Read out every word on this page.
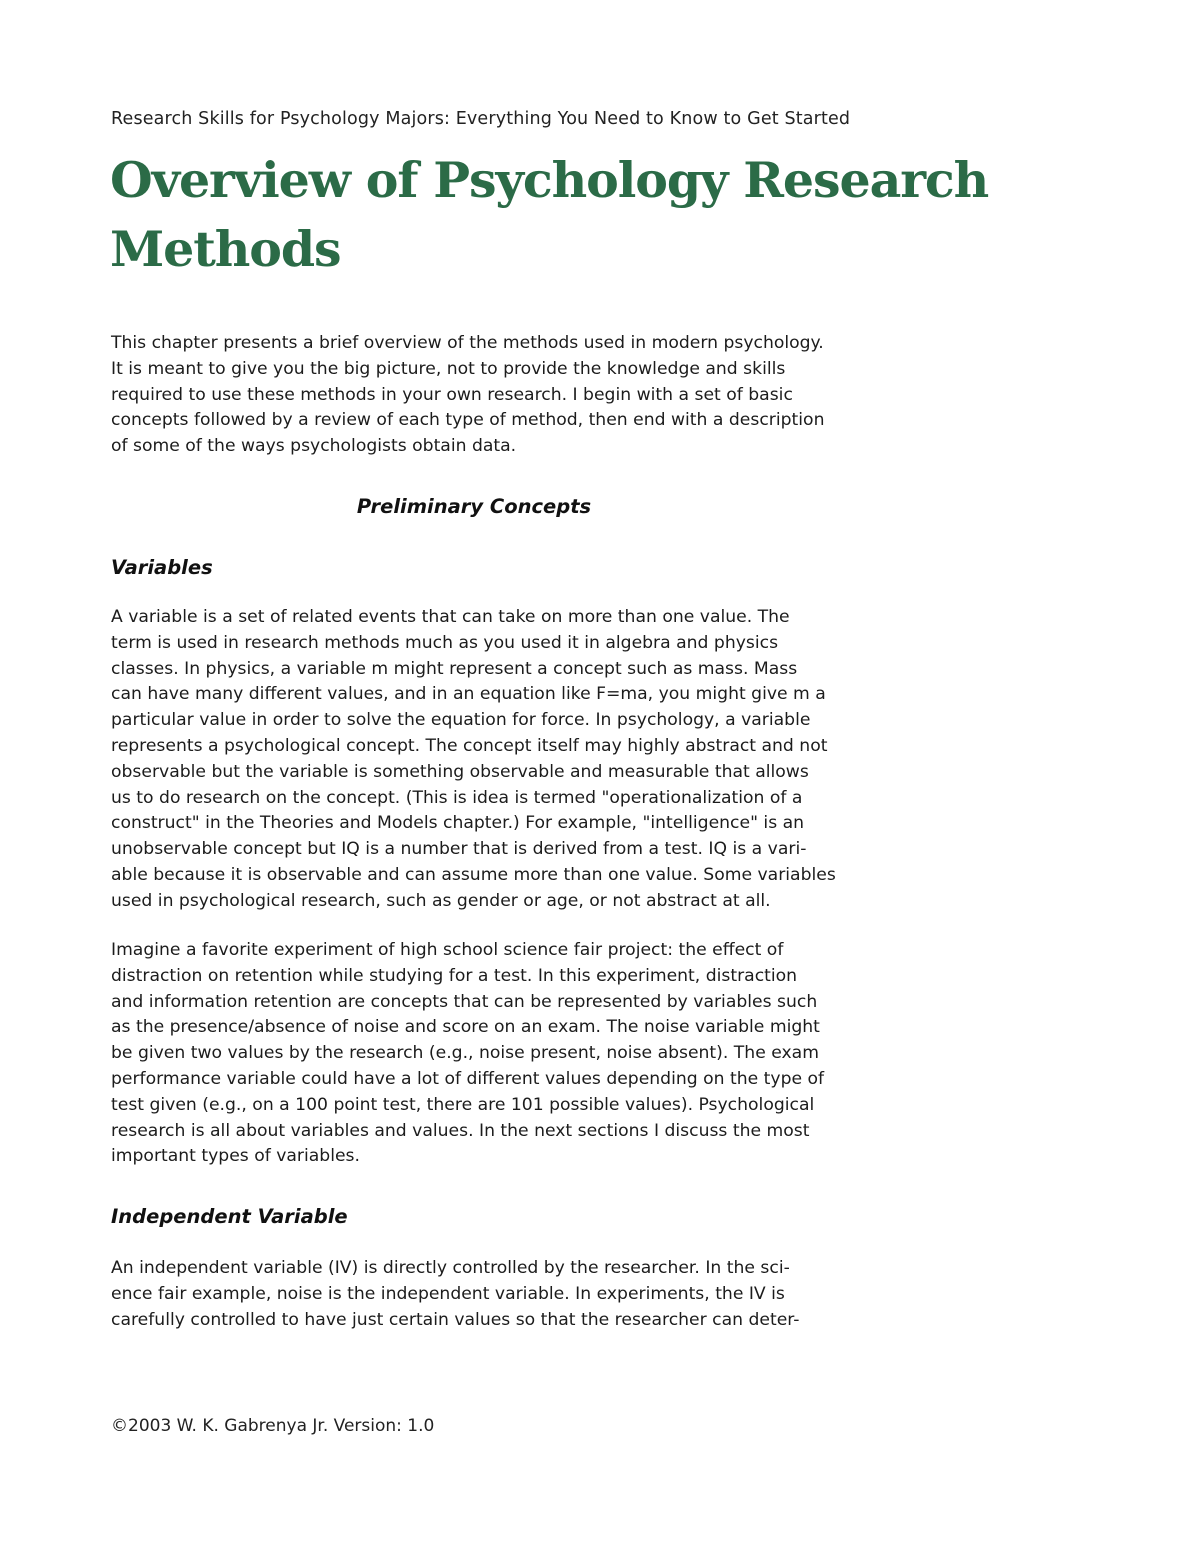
Research Skills for Psychology Majors: Everything You Need to Know to Get Started
Overview of Psychology Research
Methods

This chapter presents a brief overview of the methods used in modern psychology.
It is meant to give you the big picture, not to provide the knowledge and skills
required to use these methods in your own research. I begin with a set of basic
concepts followed by a review of each type of method, then end with a description
of some of the ways psychologists obtain data.

Preliminary Concepts
Variables

A variable is a set of related events that can take on more than one value. The
term is used in research methods much as you used it in algebra and physics
classes. In physics, a variable m might represent a concept such as mass. Mass
can have many different values, and in an equation like F=ma, you might give m a
particular value in order to solve the equation for force. In psychology, a variable
represents a psychological concept. The concept itself may highly abstract and not
observable but the variable is something observable and measurable that allows
us to do research on the concept. (This is idea is termed "operationalization of a
construct" in the Theories and Models chapter.) For example, "intelligence" is an
unobservable concept but IQ is a number that is derived from a test. IQ is a vari-
able because it is observable and can assume more than one value. Some variables
used in psychological research, such as gender or age, or not abstract at all.

Imagine a favorite experiment of high school science fair project: the effect of
distraction on retention while studying for a test. In this experiment, distraction
and information retention are concepts that can be represented by variables such
as the presence/absence of noise and score on an exam. The noise variable might
be given two values by the research (e.g., noise present, noise absent). The exam
performance variable could have a lot of different values depending on the type of
test given (e.g., on a 100 point test, there are 101 possible values). Psychological
research is all about variables and values. In the next sections I discuss the most
important types of variables.

Independent Variable

An independent variable (IV) is directly controlled by the researcher. In the sci-
ence fair example, noise is the independent variable. In experiments, the IV is
carefully controlled to have just certain values so that the researcher can deter-

©2003 W. K. Gabrenya Jr. Version: 1.0
